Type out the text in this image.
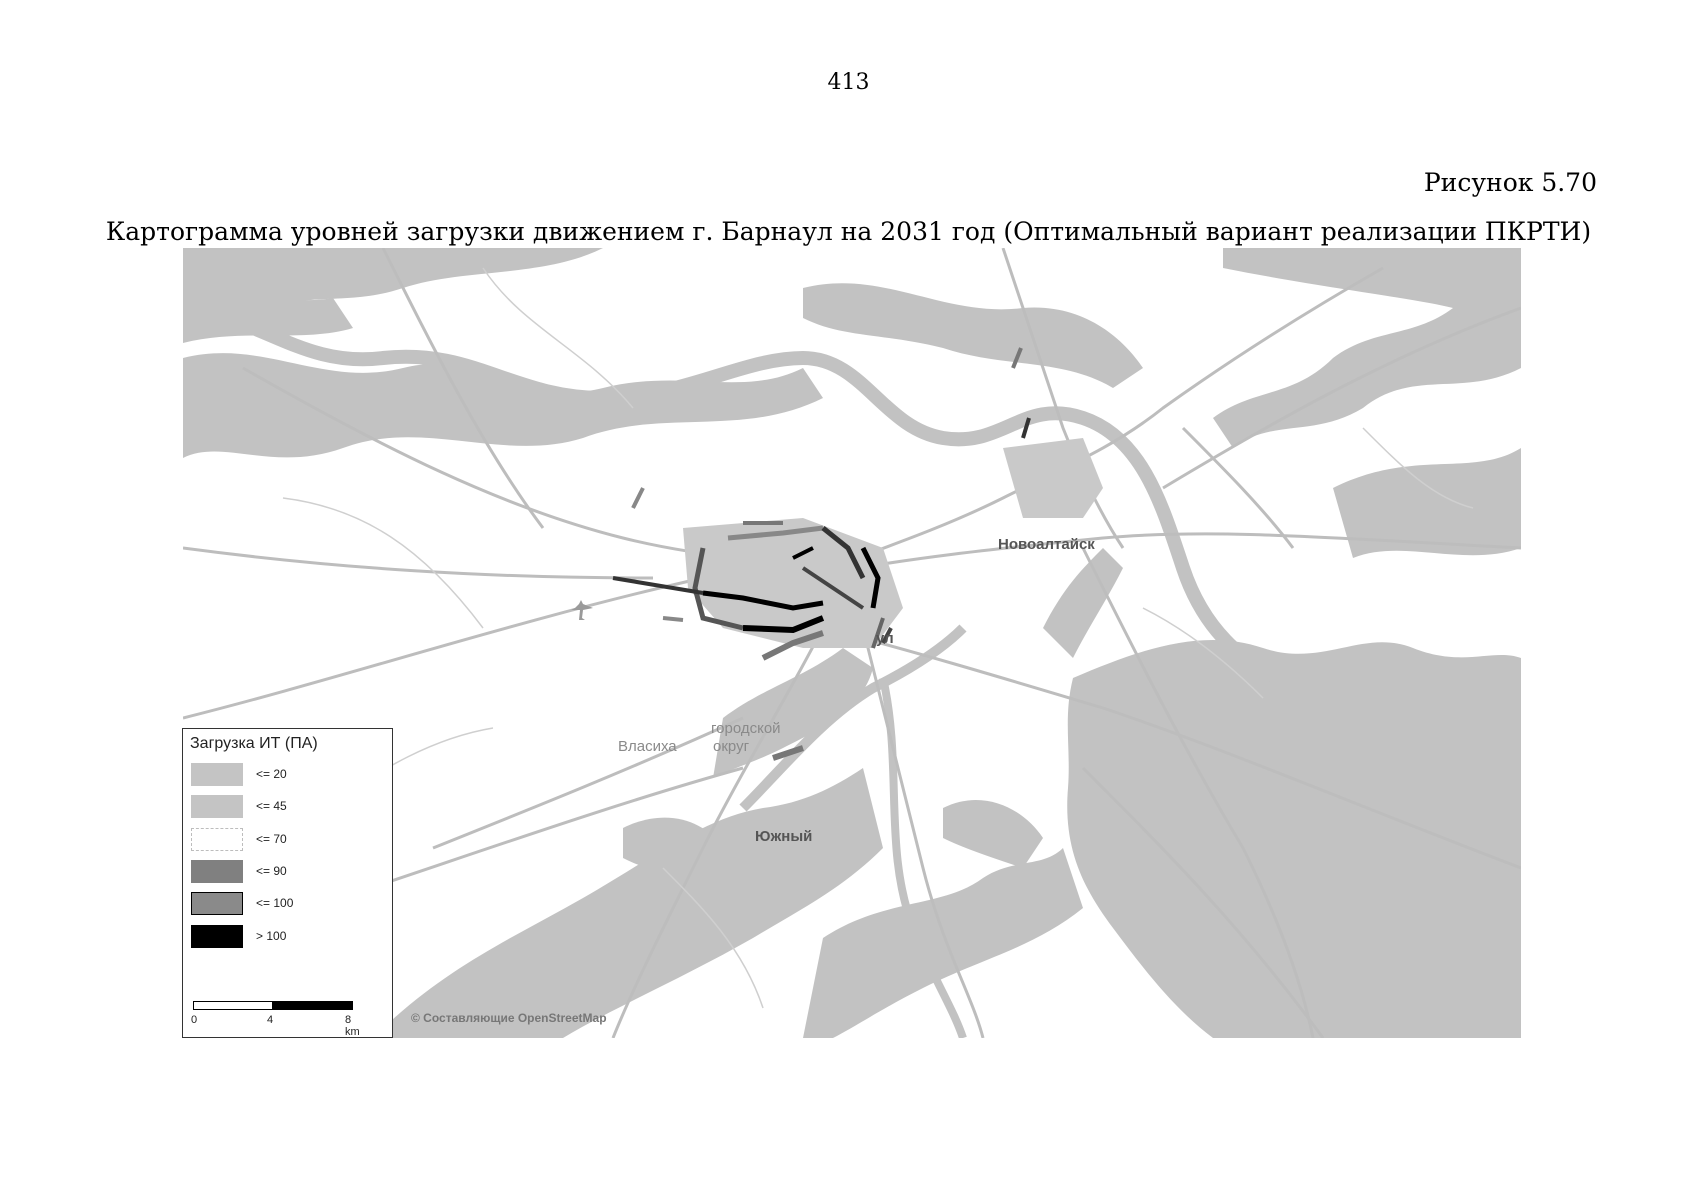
413
Рисунок 5.70
Картограмма уровней загрузки движением г. Барнаул на 2031 год (Оптимальный вариант реализации ПКРТИ)
Новоалтайск
ул
Власиха
городской
округ
Южный
© Составляющие OpenStreetMap
Загрузка ИТ (ПА)
<= 20
<= 45
<= 70
<= 90
<= 100
> 100
0	4	8 km
